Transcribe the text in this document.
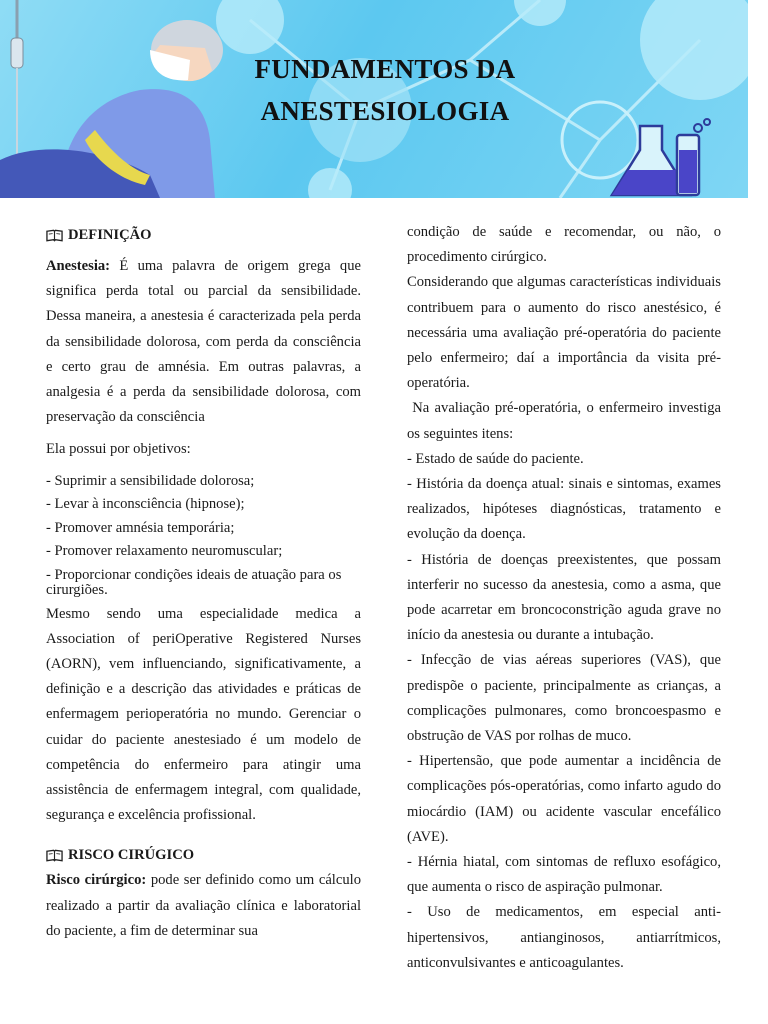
FUNDAMENTOS DA
ANESTESIOLOGIA
DEFINIÇÃO

Anestesia: É uma palavra de origem grega que significa perda total ou parcial da sensibilidade. Dessa maneira, a anestesia é caracterizada pela perda da sensibilidade dolorosa, com perda da consciência e certo grau de amnésia. Em outras palavras, a analgesia é a perda da sensibilidade dolorosa, com preservação da consciência

Ela possui por objetivos:

- Suprimir a sensibilidade dolorosa;

- Levar à inconsciência (hipnose);

- Promover amnésia temporária;

- Promover relaxamento neuromuscular;

- Proporcionar condições ideais de atuação para os cirurgiões.

Mesmo sendo uma especialidade medica a Association of periOperative Registered Nurses (AORN), vem influenciando, significativamente, a definição e a descrição das atividades e práticas de enfermagem perioperatória no mundo. Gerenciar o cuidar do paciente anestesiado é um modelo de competência do enfermeiro para atingir uma assistência de enfermagem integral, com qualidade, segurança e excelência profissional.

RISCO CIRÚGICO

Risco cirúrgico: pode ser definido como um cálculo realizado a partir da avaliação clínica e laboratorial do paciente, a fim de determinar sua

condição de saúde e recomendar, ou não, o procedimento cirúrgico.

Considerando que algumas características individuais contribuem para o aumento do risco anestésico, é necessária uma avaliação pré-operatória do paciente pelo enfermeiro; daí a importância da visita pré-operatória.

Na avaliação pré-operatória, o enfermeiro investiga os seguintes itens:

- Estado de saúde do paciente.

- História da doença atual: sinais e sintomas, exames realizados, hipóteses diagnósticas, tratamento e evolução da doença.

- História de doenças preexistentes, que possam interferir no sucesso da anestesia, como a asma, que pode acarretar em broncoconstrição aguda grave no início da anestesia ou durante a intubação.

- Infecção de vias aéreas superiores (VAS), que predispõe o paciente, principalmente as crianças, a complicações pulmonares, como broncoespasmo e obstrução de VAS por rolhas de muco.

- Hipertensão, que pode aumentar a incidência de complicações pós-operatórias, como infarto agudo do miocárdio (IAM) ou acidente vascular encefálico (AVE).

- Hérnia hiatal, com sintomas de refluxo esofágico, que aumenta o risco de aspiração pulmonar.

- Uso de medicamentos, em especial anti-hipertensivos, antianginosos, antiarrítmicos, anticonvulsivantes e anticoagulantes.
